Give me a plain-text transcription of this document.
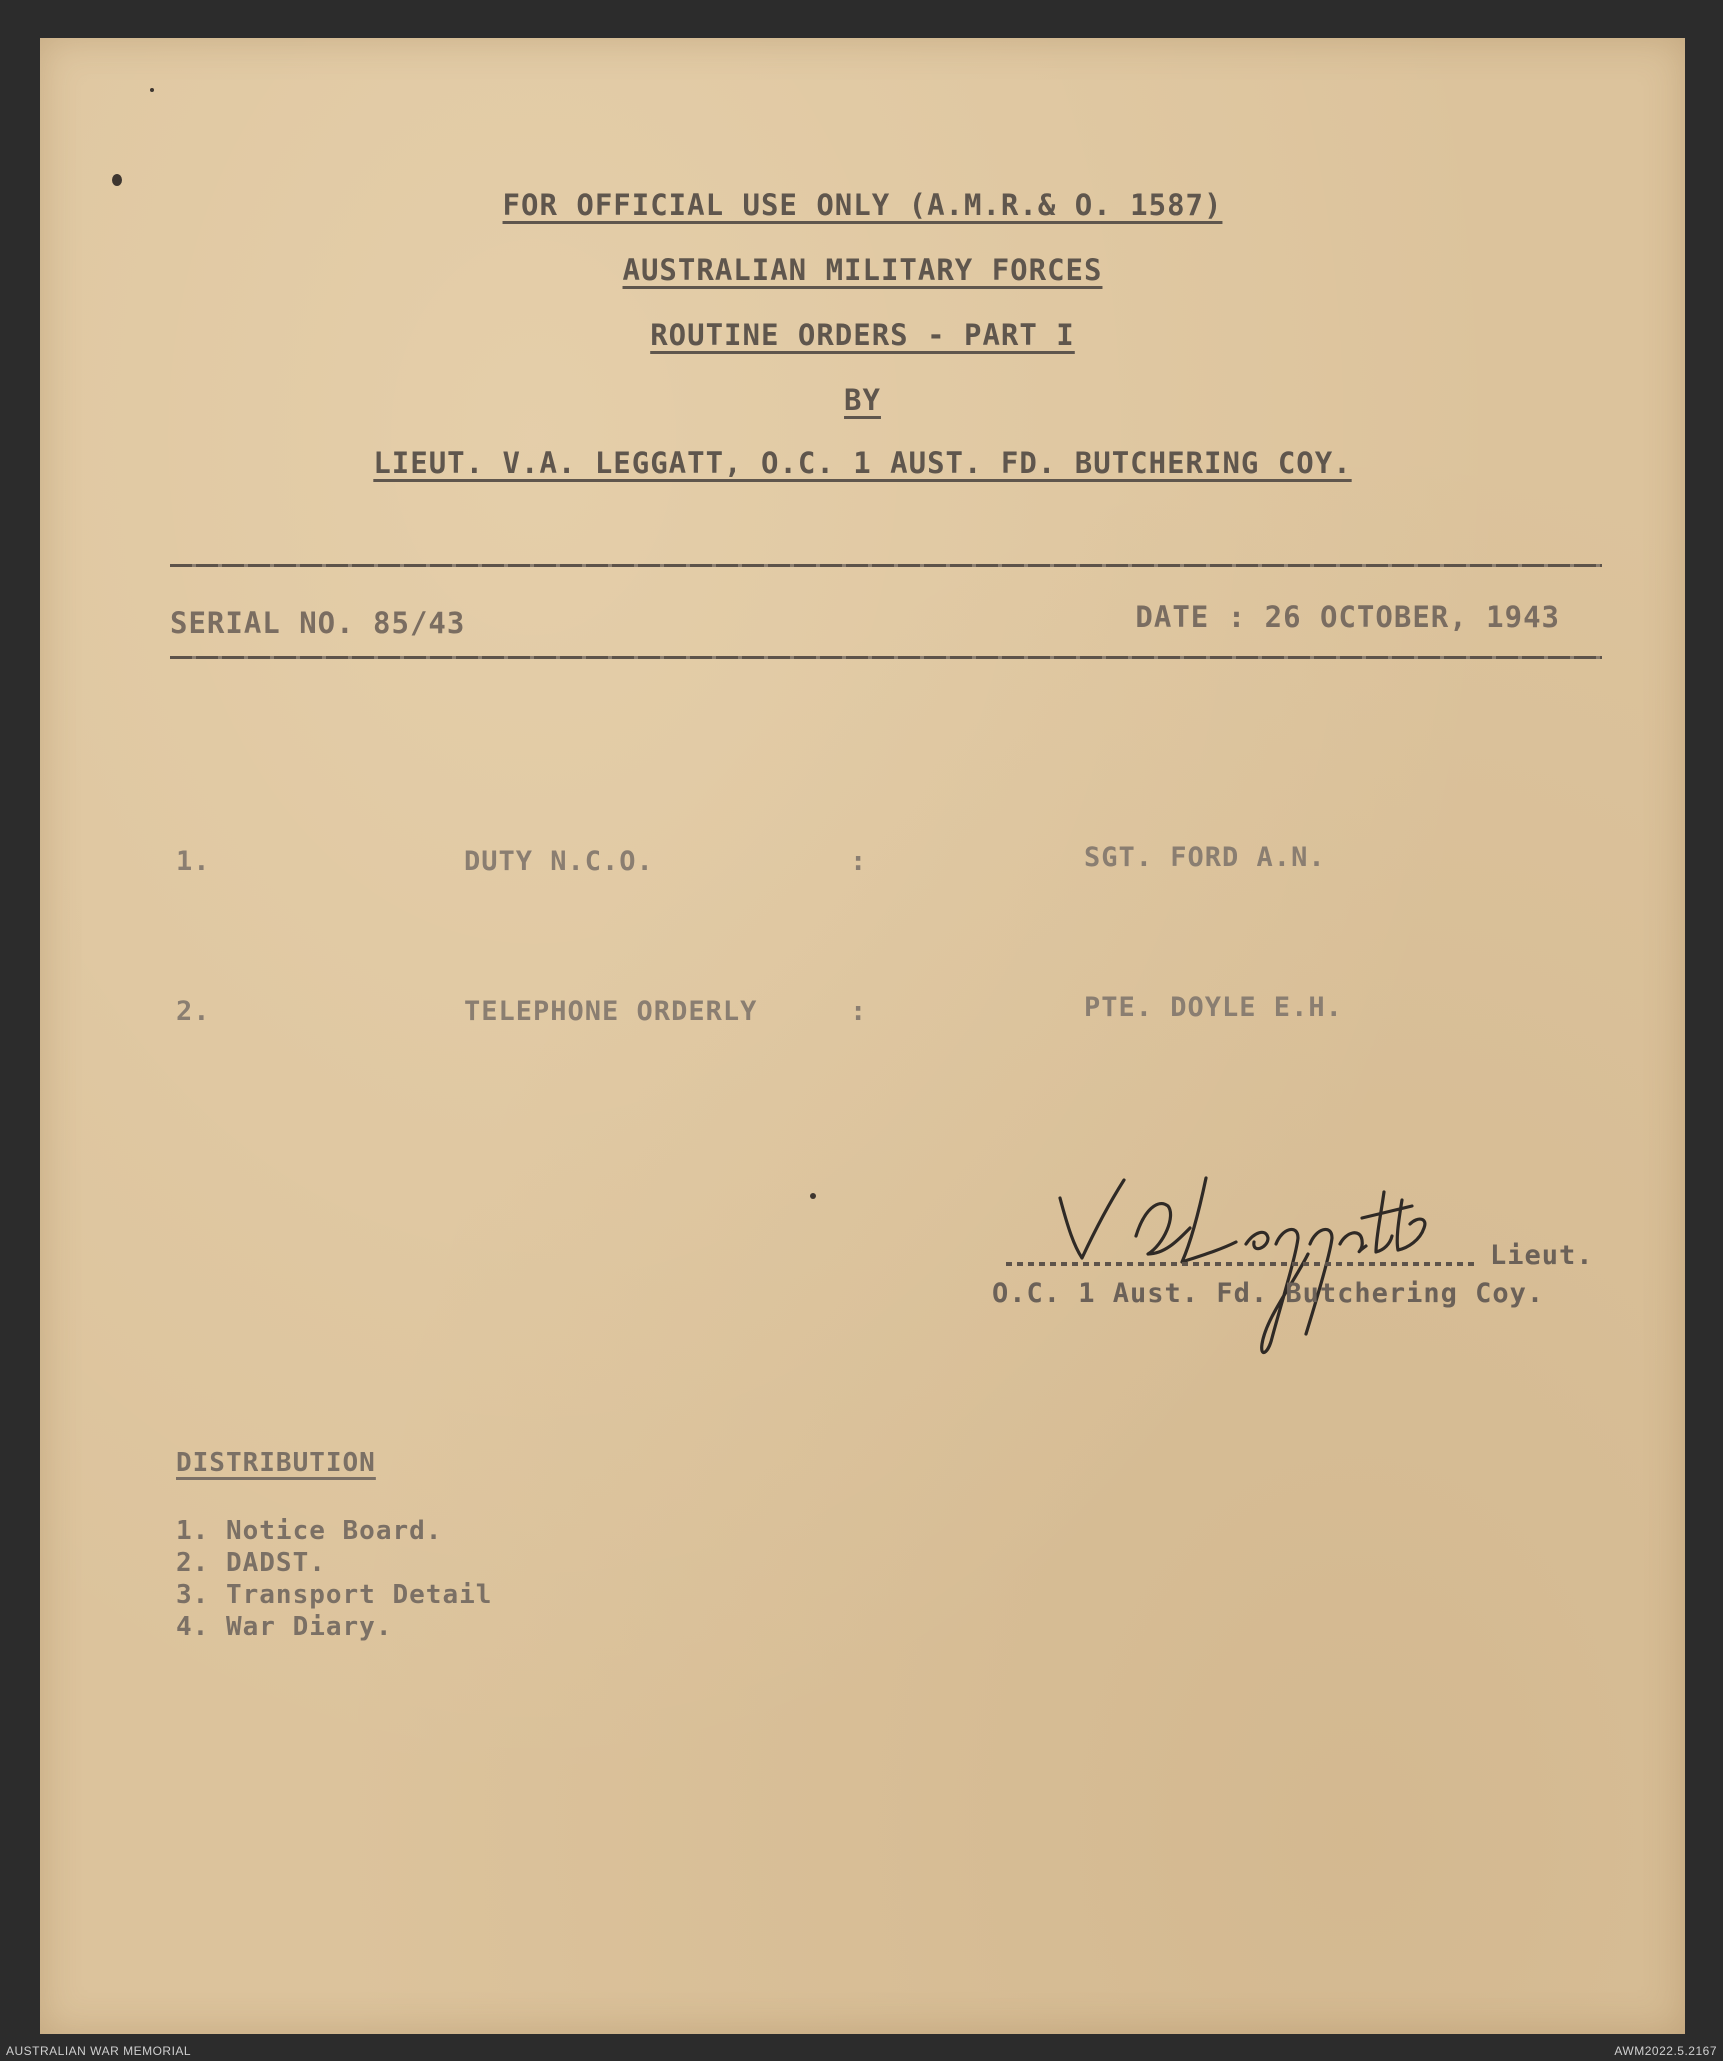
FOR OFFICIAL USE ONLY (A.M.R.& O. 1587)
AUSTRALIAN MILITARY FORCES
ROUTINE ORDERS - PART I
BY
LIEUT. V.A. LEGGATT, O.C. 1 AUST. FD. BUTCHERING COY.
SERIAL NO. 85/43	DATE : 26 OCTOBER, 1943
1.	DUTY N.C.O.	:	SGT. FORD A.N.
2.	TELEPHONE ORDERLY	:	PTE. DOYLE E.H.
Lieut.
O.C. 1 Aust. Fd. Butchering Coy.
DISTRIBUTION
1. Notice Board.
2. DADST.
3. Transport Detail
4. War Diary.
AUSTRALIAN WAR MEMORIAL	AWM2022.5.2167
